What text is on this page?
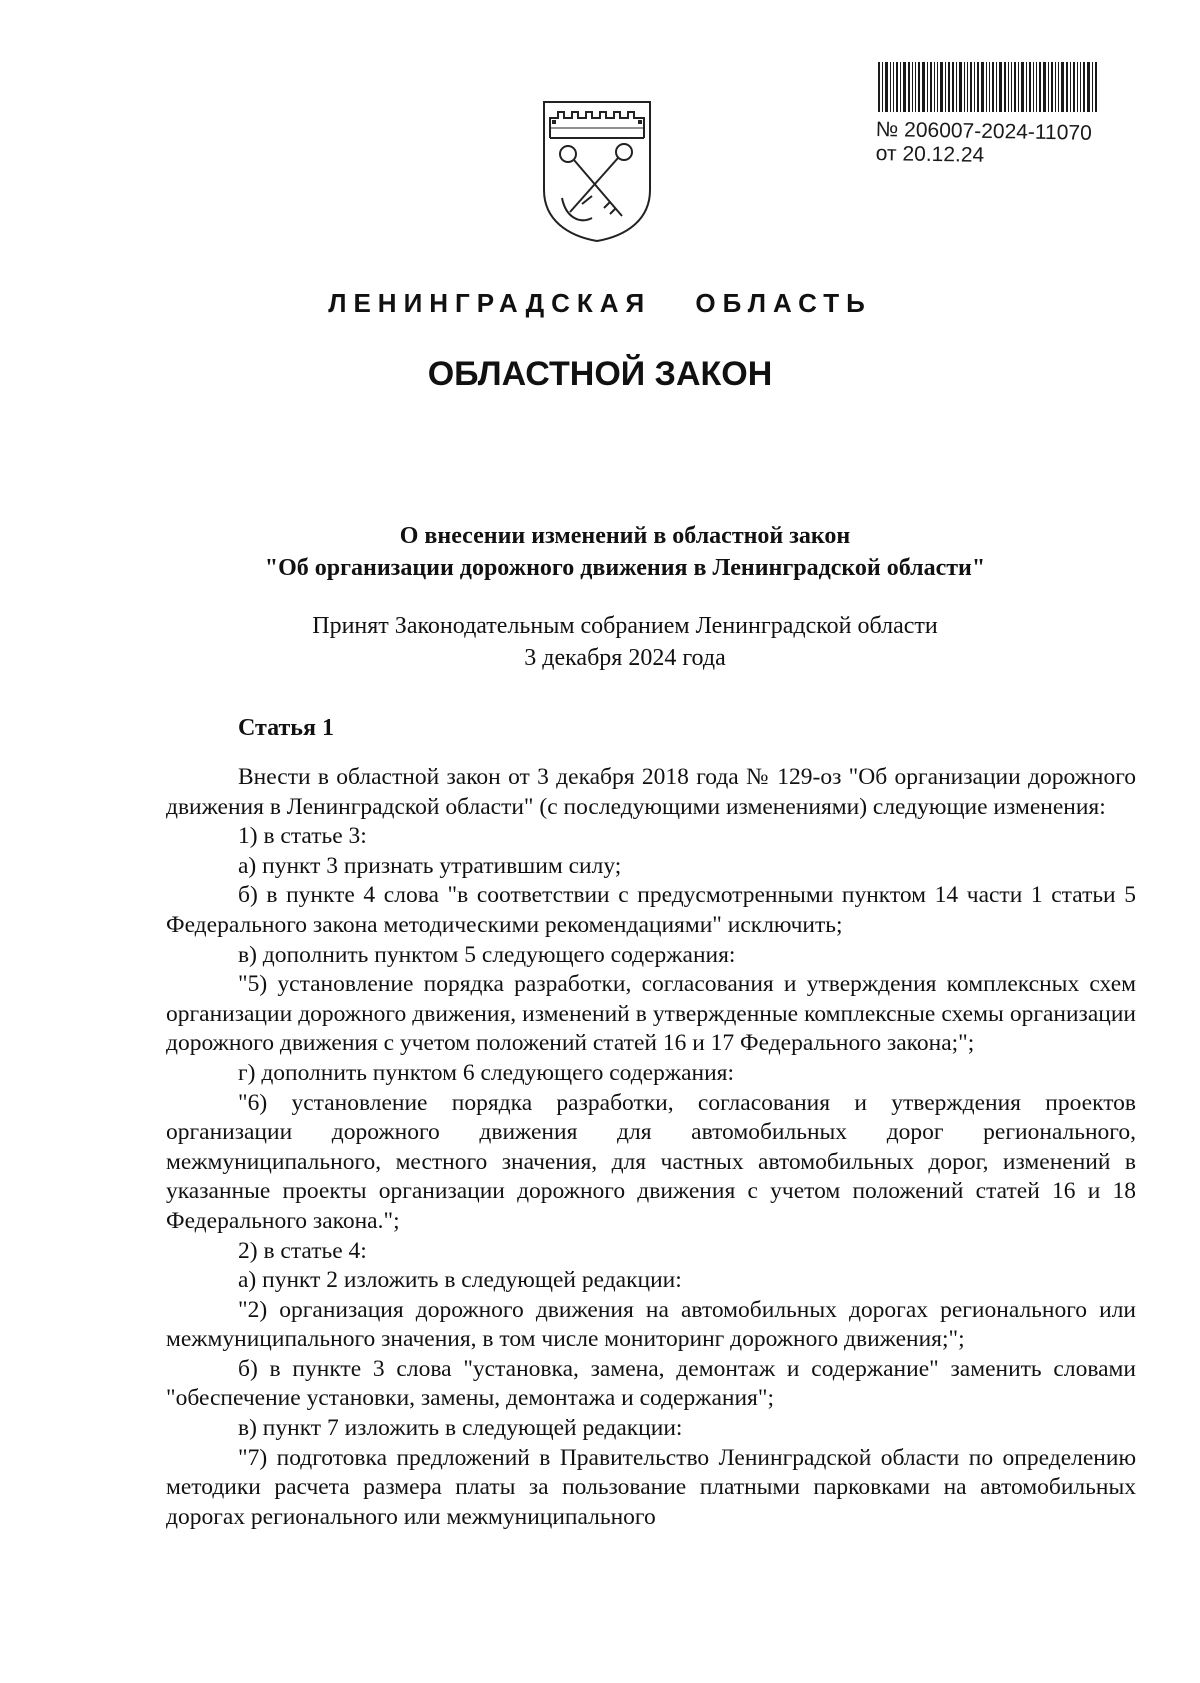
№ 206007-2024-11070
от 20.12.24
ЛЕНИНГРАДСКАЯ ОБЛАСТЬ
ОБЛАСТНОЙ ЗАКОН
О внесении изменений в областной закон
"Об организации дорожного движения в Ленинградской области"
Принят Законодательным собранием Ленинградской области
3 декабря 2024 года
Статья 1

Внести в областной закон от 3 декабря 2018 года № 129-оз "Об организации дорожного движения в Ленинградской области" (с последующими изменениями) следующие изменения:

1) в статье 3:

а) пункт 3 признать утратившим силу;

б) в пункте 4 слова "в соответствии с предусмотренными пунктом 14 части 1 статьи 5 Федерального закона методическими рекомендациями" исключить;

в) дополнить пунктом 5 следующего содержания:

"5) установление порядка разработки, согласования и утверждения комплексных схем организации дорожного движения, изменений в утвержденные комплексные схемы организации дорожного движения с учетом положений статей 16 и 17 Федерального закона;";

г) дополнить пунктом 6 следующего содержания:

"6) установление порядка разработки, согласования и утверждения проектов организации дорожного движения для автомобильных дорог регионального, межмуниципального, местного значения, для частных автомобильных дорог, изменений в указанные проекты организации дорожного движения с учетом положений статей 16 и 18 Федерального закона.";

2) в статье 4:

а) пункт 2 изложить в следующей редакции:

"2) организация дорожного движения на автомобильных дорогах регионального или межмуниципального значения, в том числе мониторинг дорожного движения;";

б) в пункте 3 слова "установка, замена, демонтаж и содержание" заменить словами "обеспечение установки, замены, демонтажа и содержания";

в) пункт 7 изложить в следующей редакции:

"7) подготовка предложений в Правительство Ленинградской области по определению методики расчета размера платы за пользование платными парковками на автомобильных дорогах регионального или межмуниципального
